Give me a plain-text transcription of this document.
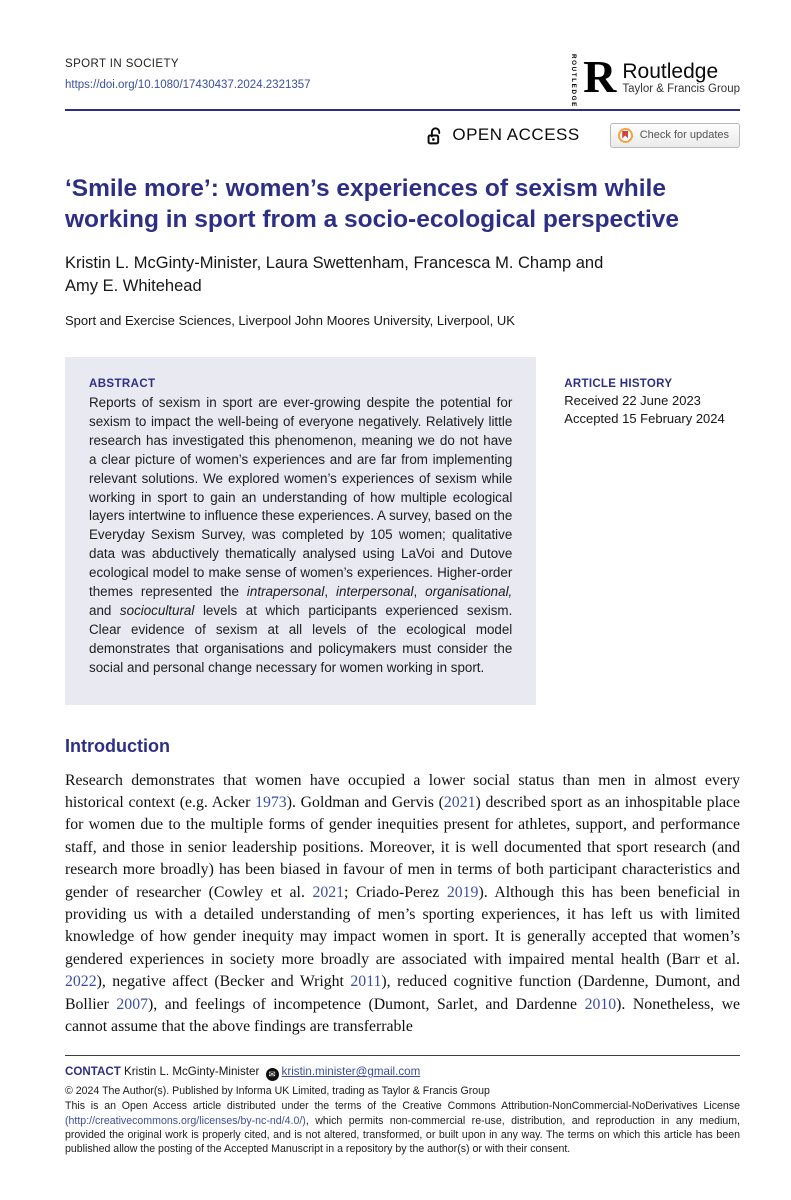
SPORT IN SOCIETY
https://doi.org/10.1080/17430437.2024.2321357	ROUTLEDGE R Routledge
Taylor & Francis Group
OPEN ACCESS	Check for updates
‘Smile more’: women’s experiences of sexism while working in sport from a socio-ecological perspective
Kristin L. McGinty-Minister, Laura Swettenham, Francesca M. Champ and
Amy E. Whitehead
Sport and Exercise Sciences, Liverpool John Moores University, Liverpool, UK
ABSTRACT
Reports of sexism in sport are ever-growing despite the potential for sexism to impact the well-being of everyone negatively. Relatively little research has investigated this phenomenon, meaning we do not have a clear picture of women’s experiences and are far from implementing relevant solutions. We explored women’s experiences of sexism while working in sport to gain an understanding of how multiple ecological layers intertwine to influence these experiences. A survey, based on the Everyday Sexism Survey, was completed by 105 women; qualitative data was abductively thematically analysed using LaVoi and Dutove ecological model to make sense of women’s experiences. Higher-order themes represented the intrapersonal, interpersonal, organisational, and sociocultural levels at which participants experienced sexism. Clear evidence of sexism at all levels of the ecological model demonstrates that organisations and policymakers must consider the social and personal change necessary for women working in sport.
ARTICLE HISTORY
Received 22 June 2023
Accepted 15 February 2024
Introduction

Research demonstrates that women have occupied a lower social status than men in almost every historical context (e.g. Acker 1973). Goldman and Gervis (2021) described sport as an inhospitable place for women due to the multiple forms of gender inequities present for athletes, support, and performance staff, and those in senior leadership positions. Moreover, it is well documented that sport research (and research more broadly) has been biased in favour of men in terms of both participant characteristics and gender of researcher (Cowley et al. 2021; Criado-Perez 2019). Although this has been beneficial in providing us with a detailed understanding of men’s sporting experiences, it has left us with limited knowledge of how gender inequity may impact women in sport. It is generally accepted that women’s gendered experiences in society more broadly are associated with impaired mental health (Barr et al. 2022), negative affect (Becker and Wright 2011), reduced cognitive function (Dardenne, Dumont, and Bollier 2007), and feelings of incompetence (Dumont, Sarlet, and Dardenne 2010). Nonetheless, we cannot assume that the above findings are transferrable

CONTACT Kristin L. McGinty-Minister ✉ kristin.minister@gmail.com
© 2024 The Author(s). Published by Informa UK Limited, trading as Taylor & Francis Group
This is an Open Access article distributed under the terms of the Creative Commons Attribution-NonCommercial-NoDerivatives License (http://creativecommons.org/licenses/by-nc-nd/4.0/), which permits non-commercial re-use, distribution, and reproduction in any medium, provided the original work is properly cited, and is not altered, transformed, or built upon in any way. The terms on which this article has been published allow the posting of the Accepted Manuscript in a repository by the author(s) or with their consent.
